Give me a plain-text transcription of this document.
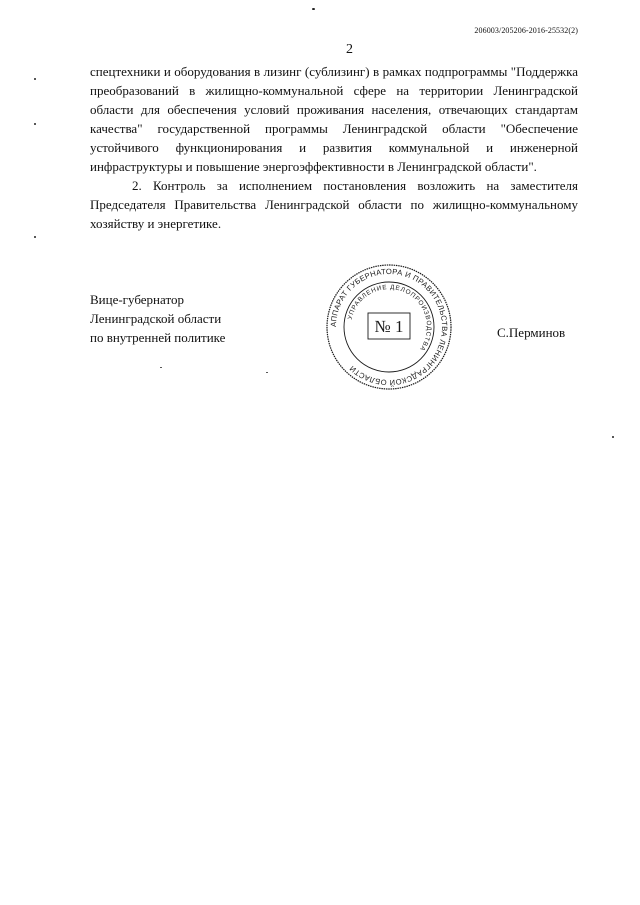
206003/205206-2016-25532(2)
2

спецтехники и оборудования в лизинг (сублизинг) в рамках подпрограммы "Поддержка преобразований в жилищно-коммунальной сфере на территории Ленинградской области для обеспечения условий проживания населения, отвечающих стандартам качества" государственной программы Ленинградской области "Обеспечение устойчивого функционирования и развития коммунальной и инженерной инфраструктуры и повышение энергоэффективности в Ленинградской области".

2. Контроль за исполнением постановления возложить на заместителя Председателя Правительства Ленинградской области по жилищно-коммунальному хозяйству и энергетике.

Вице-губернатор
Ленинградской области
по внутренней политике	С.Перминов
АППАРАТ ГУБЕРНАТОРА И ПРАВИТЕЛЬСТВА ЛЕНИНГРАДСКОЙ ОБЛАСТИ
УПРАВЛЕНИЕ ДЕЛОПРОИЗВОДСТВА
№ 1
